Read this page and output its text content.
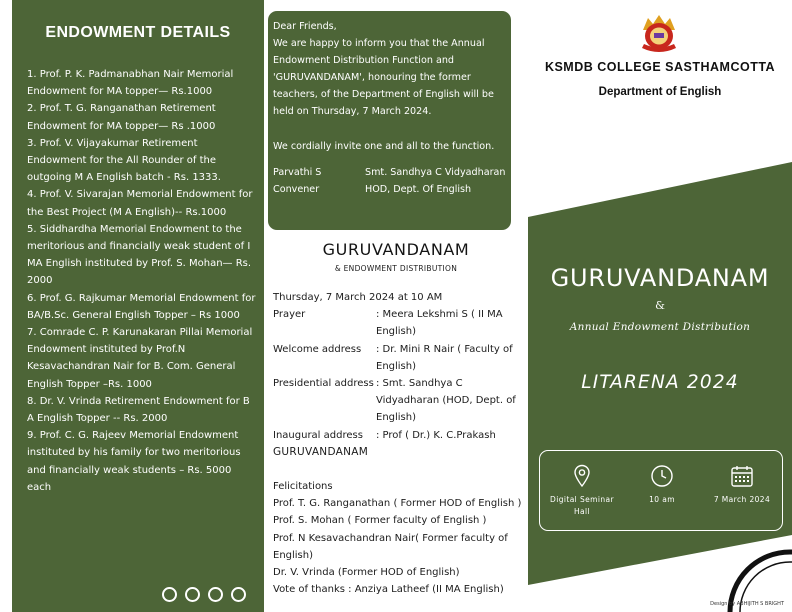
ENDOWMENT DETAILS
1. Prof. P. K. Padmanabhan Nair Memorial Endowment for MA topper— Rs.1000
2. Prof. T. G. Ranganathan Retirement Endowment for MA topper— Rs .1000
3. Prof. V. Vijayakumar Retirement Endowment for the All Rounder of the outgoing M A English batch - Rs. 1333.
4. Prof. V. Sivarajan Memorial Endowment for the Best Project (M A English)-- Rs.1000
5. Siddhardha Memorial Endowment to the meritorious and financially weak student of I MA English instituted by Prof. S. Mohan— Rs. 2000
6. Prof. G. Rajkumar Memorial Endowment for BA/B.Sc. General English Topper – Rs 1000
7. Comrade C. P. Karunakaran Pillai Memorial Endowment instituted by Prof.N Kesavachandran Nair for B. Com. General English Topper –Rs. 1000
8. Dr. V. Vrinda Retirement Endowment for B A English Topper -- Rs. 2000
9. Prof. C. G. Rajeev Memorial Endowment instituted by his family for two meritorious and financially weak students – Rs. 5000 each

Dear Friends,

We are happy to inform you that the Annual Endowment Distribution Function and 'GURUVANDANAM', honouring the former teachers, of the Department of English will be held on Thursday, 7 March 2024.

We cordially invite one and all to the function.

Parvathi S
Convener
Smt. Sandhya C Vidyadharan
HOD, Dept. Of English
GURUVANDANAM
& ENDOWMENT DISTRIBUTION
Thursday, 7 March 2024 at 10 AM
Prayer	: Meera Lekshmi S ( II MA English)
Welcome address	: Dr. Mini R Nair ( Faculty of English)
Presidential address : Smt. Sandhya C Vidyadharan (HOD, Dept. of English)
Inaugural address	: Prof ( Dr.) K. C.Prakash
GURUVANDANAM
Felicitations
Prof. T. G. Ranganathan ( Former HOD of English )
Prof. S. Mohan ( Former faculty of English )
Prof. N Kesavachandran Nair( Former faculty of English)
Dr. V. Vrinda (Former HOD of English)
Vote of thanks : Anziya Latheef (II MA English)
KSMDB COLLEGE SASTHAMCOTTA
Department of English
GURUVANDANAM
&
Annual Endowment Distribution
LITARENA 2024
Digital Seminar Hall
10 am	7 March 2024
Design by ABHIJITH S BRIGHT
